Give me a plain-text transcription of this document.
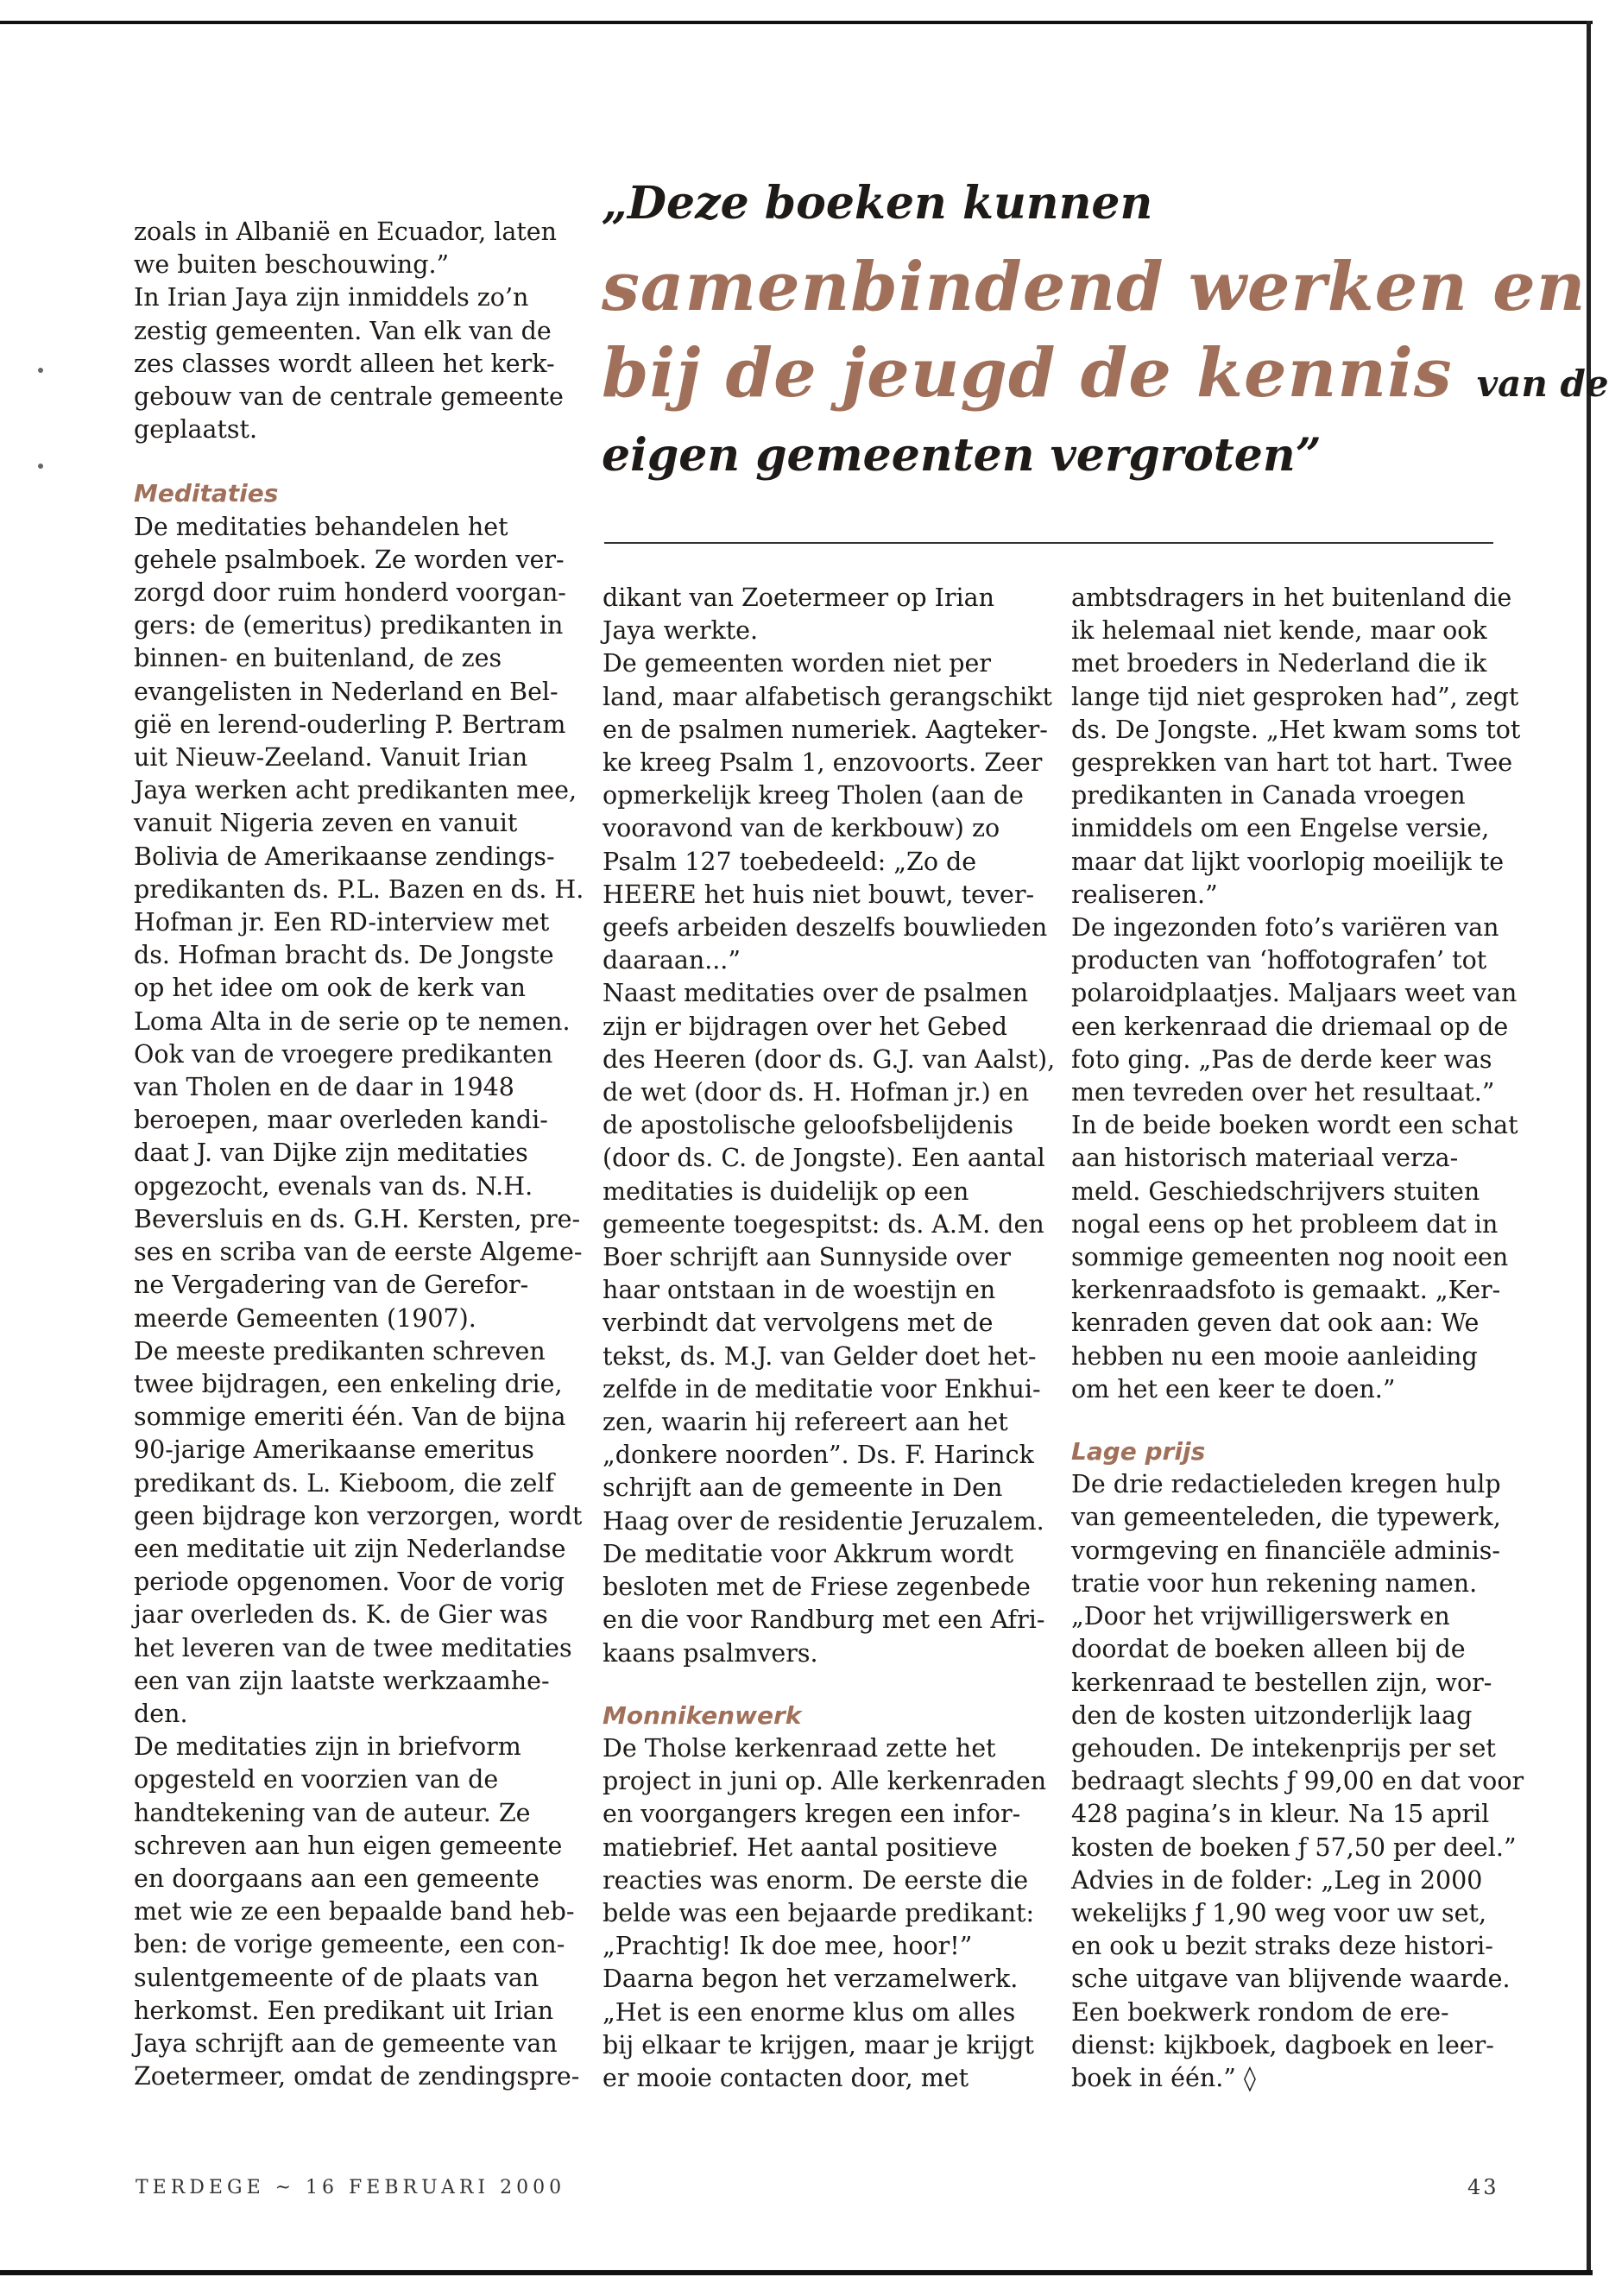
„Deze boeken kunnen
samenbindend werken en
bij de jeugd de kennis van de
eigen gemeenten vergroten”

zoals in Albanië en Ecuador, laten

we buiten beschouwing.”

In Irian Jaya zijn inmiddels zo’n

zestig gemeenten. Van elk van de

zes classes wordt alleen het kerk-

gebouw van de centrale gemeente

geplaatst.

Meditaties

De meditaties behandelen het

gehele psalmboek. Ze worden ver-

zorgd door ruim honderd voorgan-

gers: de (emeritus) predikanten in

binnen- en buitenland, de zes

evangelisten in Nederland en Bel-

gië en lerend-ouderling P. Bertram

uit Nieuw-Zeeland. Vanuit Irian

Jaya werken acht predikanten mee,

vanuit Nigeria zeven en vanuit

Bolivia de Amerikaanse zendings-

predikanten ds. P.L. Bazen en ds. H.

Hofman jr. Een RD-interview met

ds. Hofman bracht ds. De Jongste

op het idee om ook de kerk van

Loma Alta in de serie op te nemen.

Ook van de vroegere predikanten

van Tholen en de daar in 1948

beroepen, maar overleden kandi-

daat J. van Dijke zijn meditaties

opgezocht, evenals van ds. N.H.

Beversluis en ds. G.H. Kersten, pre-

ses en scriba van de eerste Algeme-

ne Vergadering van de Gerefor-

meerde Gemeenten (1907).

De meeste predikanten schreven

twee bijdragen, een enkeling drie,

sommige emeriti één. Van de bijna

90-jarige Amerikaanse emeritus

predikant ds. L. Kieboom, die zelf

geen bijdrage kon verzorgen, wordt

een meditatie uit zijn Nederlandse

periode opgenomen. Voor de vorig

jaar overleden ds. K. de Gier was

het leveren van de twee meditaties

een van zijn laatste werkzaamhe-

den.

De meditaties zijn in briefvorm

opgesteld en voorzien van de

handtekening van de auteur. Ze

schreven aan hun eigen gemeente

en doorgaans aan een gemeente

met wie ze een bepaalde band heb-

ben: de vorige gemeente, een con-

sulentgemeente of de plaats van

herkomst. Een predikant uit Irian

Jaya schrijft aan de gemeente van

Zoetermeer, omdat de zendingspre-

dikant van Zoetermeer op Irian

Jaya werkte.

De gemeenten worden niet per

land, maar alfabetisch gerangschikt

en de psalmen numeriek. Aagteker-

ke kreeg Psalm 1, enzovoorts. Zeer

opmerkelijk kreeg Tholen (aan de

vooravond van de kerkbouw) zo

Psalm 127 toebedeeld: „Zo de

HEERE het huis niet bouwt, tever-

geefs arbeiden deszelfs bouwlieden

daaraan...”

Naast meditaties over de psalmen

zijn er bijdragen over het Gebed

des Heeren (door ds. G.J. van Aalst),

de wet (door ds. H. Hofman jr.) en

de apostolische geloofsbelijdenis

(door ds. C. de Jongste). Een aantal

meditaties is duidelijk op een

gemeente toegespitst: ds. A.M. den

Boer schrijft aan Sunnyside over

haar ontstaan in de woestijn en

verbindt dat vervolgens met de

tekst, ds. M.J. van Gelder doet het-

zelfde in de meditatie voor Enkhui-

zen, waarin hij refereert aan het

„donkere noorden”. Ds. F. Harinck

schrijft aan de gemeente in Den

Haag over de residentie Jeruzalem.

De meditatie voor Akkrum wordt

besloten met de Friese zegenbede

en die voor Randburg met een Afri-

kaans psalmvers.

Monnikenwerk

De Tholse kerkenraad zette het

project in juni op. Alle kerkenraden

en voorgangers kregen een infor-

matiebrief. Het aantal positieve

reacties was enorm. De eerste die

belde was een bejaarde predikant:

„Prachtig! Ik doe mee, hoor!”

Daarna begon het verzamelwerk.

„Het is een enorme klus om alles

bij elkaar te krijgen, maar je krijgt

er mooie contacten door, met

ambtsdragers in het buitenland die

ik helemaal niet kende, maar ook

met broeders in Nederland die ik

lange tijd niet gesproken had”, zegt

ds. De Jongste. „Het kwam soms tot

gesprekken van hart tot hart. Twee

predikanten in Canada vroegen

inmiddels om een Engelse versie,

maar dat lijkt voorlopig moeilijk te

realiseren.”

De ingezonden foto’s variëren van

producten van ‘hoffotografen’ tot

polaroidplaatjes. Maljaars weet van

een kerkenraad die driemaal op de

foto ging. „Pas de derde keer was

men tevreden over het resultaat.”

In de beide boeken wordt een schat

aan historisch materiaal verza-

meld. Geschiedschrijvers stuiten

nogal eens op het probleem dat in

sommige gemeenten nog nooit een

kerkenraadsfoto is gemaakt. „Ker-

kenraden geven dat ook aan: We

hebben nu een mooie aanleiding

om het een keer te doen.”

Lage prijs

De drie redactieleden kregen hulp

van gemeenteleden, die typewerk,

vormgeving en financiële adminis-

tratie voor hun rekening namen.

„Door het vrijwilligerswerk en

doordat de boeken alleen bij de

kerkenraad te bestellen zijn, wor-

den de kosten uitzonderlijk laag

gehouden. De intekenprijs per set

bedraagt slechts ƒ 99,00 en dat voor

428 pagina’s in kleur. Na 15 april

kosten de boeken ƒ 57,50 per deel.”

Advies in de folder: „Leg in 2000

wekelijks ƒ 1,90 weg voor uw set,

en ook u bezit straks deze histori-

sche uitgave van blijvende waarde.

Een boekwerk rondom de ere-

dienst: kijkboek, dagboek en leer-

boek in één.” ◊

TERDEGE ~ 16 FEBRUARI 2000	43
